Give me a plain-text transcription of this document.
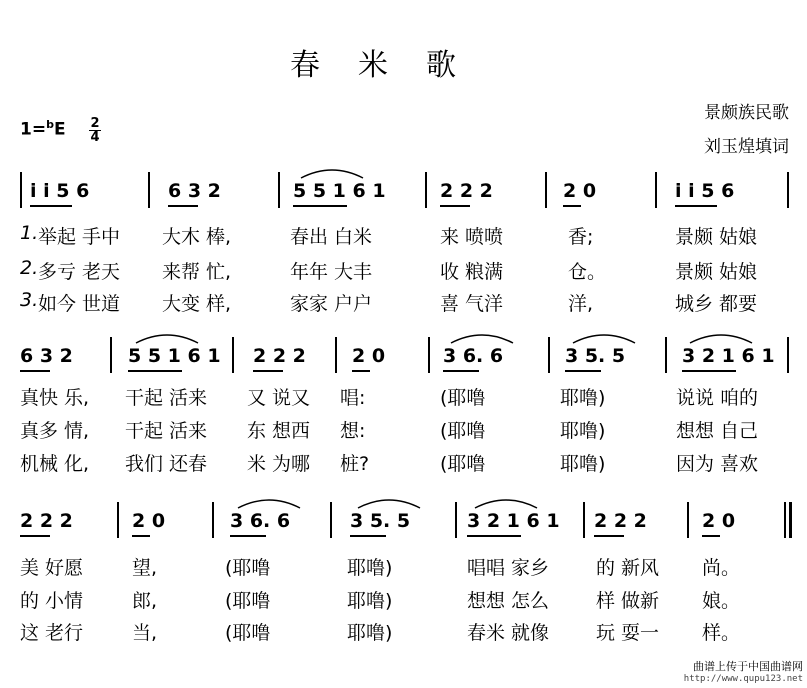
春米歌
景颇族民歌
刘玉煌填词
1=$^b$E 2
4
i i 5 6	6 3 2	5 5 1 6 1	2 2 2	2 0	i i 5 6
1.
2.
3.
举起 手中 大木 棒,	春出 白米	来 喷喷	香;	景颇 姑娘
多亏 老天 来帮 忙,	年年 大丰	收 粮满	仓。	景颇 姑娘
如今 世道 大变 样,	家家 户户	喜 气洋	洋,	城乡 都要
6 3 2	5 5 1 6 1 2 2 2 2 0	3 6. 6	3 5. 5	3 2 1 6 1
真快 乐, 干起 活来 又 说又 唱:	(耶噜	耶噜)	说说 咱的
真多 情, 干起 活来 东 想西 想:	(耶噜	耶噜)	想想 自己
机械 化, 我们 还春 米 为哪 桩?	(耶噜	耶噜)	因为 喜欢
2 2 2	2 0	3 6. 6	3 5. 5	3 2 1 6 1 2 2 2	2 0
美 好愿	望,	(耶噜	耶噜)	唱唱 家乡 的 新风 尚。
的 小情	郎,	(耶噜	耶噜)	想想 怎么 样 做新 娘。
这 老行	当,	(耶噜	耶噜)	春米 就像 玩 耍一 样。
曲谱上传于中国曲谱网
http://www.qupu123.net
